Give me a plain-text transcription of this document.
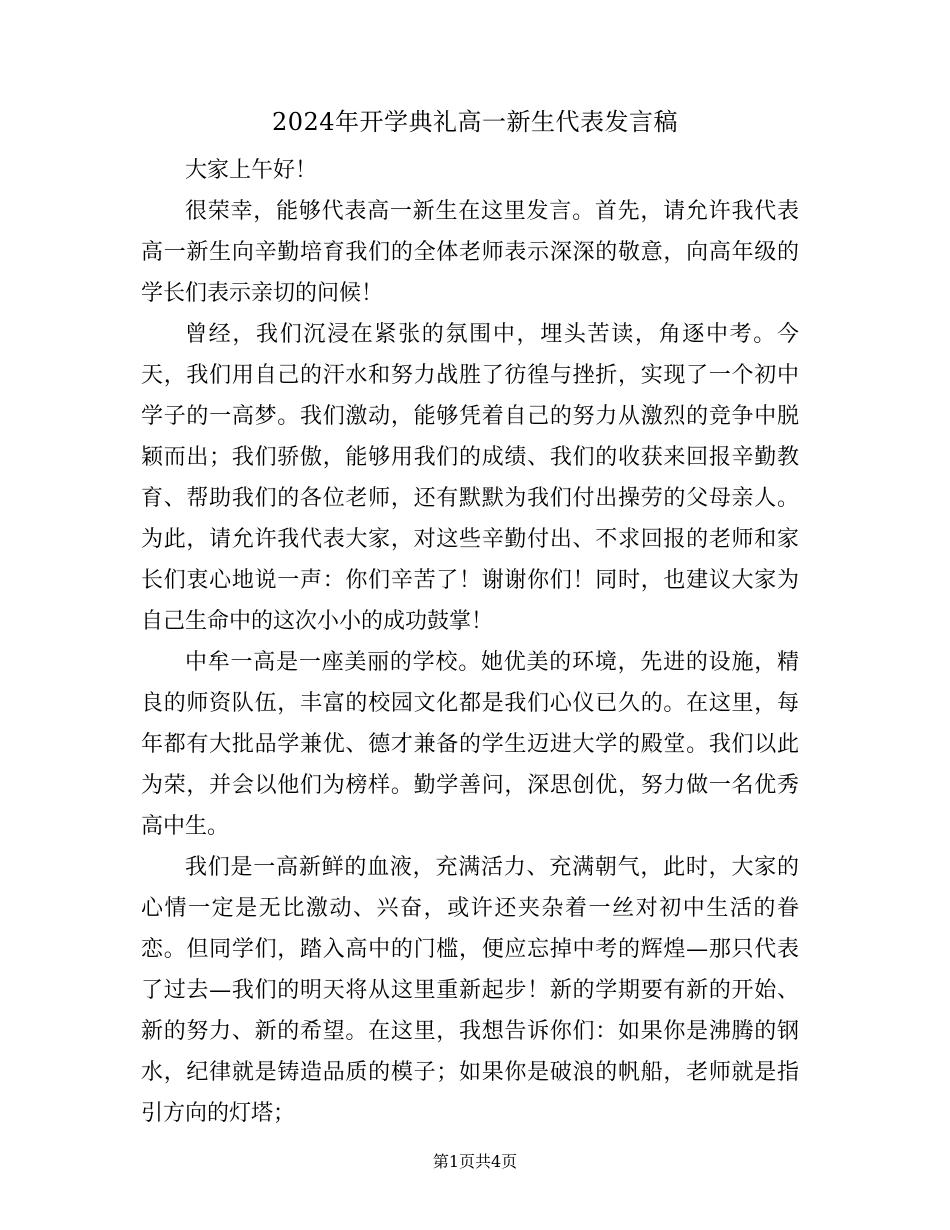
2024年开学典礼高一新生代表发言稿

大家上午好！

很荣幸，能够代表高一新生在这里发言。首先，请允许我代表高一新生向辛勤培育我们的全体老师表示深深的敬意，向高年级的学长们表示亲切的问候！

曾经，我们沉浸在紧张的氛围中，埋头苦读，角逐中考。今天，我们用自己的汗水和努力战胜了彷徨与挫折，实现了一个初中学子的一高梦。我们激动，能够凭着自己的努力从激烈的竞争中脱颖而出；我们骄傲，能够用我们的成绩、我们的收获来回报辛勤教育、帮助我们的各位老师，还有默默为我们付出操劳的父母亲人。为此，请允许我代表大家，对这些辛勤付出、不求回报的老师和家长们衷心地说一声：你们辛苦了！谢谢你们！同时，也建议大家为自己生命中的这次小小的成功鼓掌！

中牟一高是一座美丽的学校。她优美的环境，先进的设施，精良的师资队伍，丰富的校园文化都是我们心仪已久的。在这里，每年都有大批品学兼优、德才兼备的学生迈进大学的殿堂。我们以此为荣，并会以他们为榜样。勤学善问，深思创优，努力做一名优秀高中生。

我们是一高新鲜的血液，充满活力、充满朝气，此时，大家的心情一定是无比激动、兴奋，或许还夹杂着一丝对初中生活的眷恋。但同学们，踏入高中的门槛，便应忘掉中考的辉煌—那只代表了过去—我们的明天将从这里重新起步！新的学期要有新的开始、新的努力、新的希望。在这里，我想告诉你们：如果你是沸腾的钢水，纪律就是铸造品质的模子；如果你是破浪的帆船，老师就是指引方向的灯塔；

第1页共4页
